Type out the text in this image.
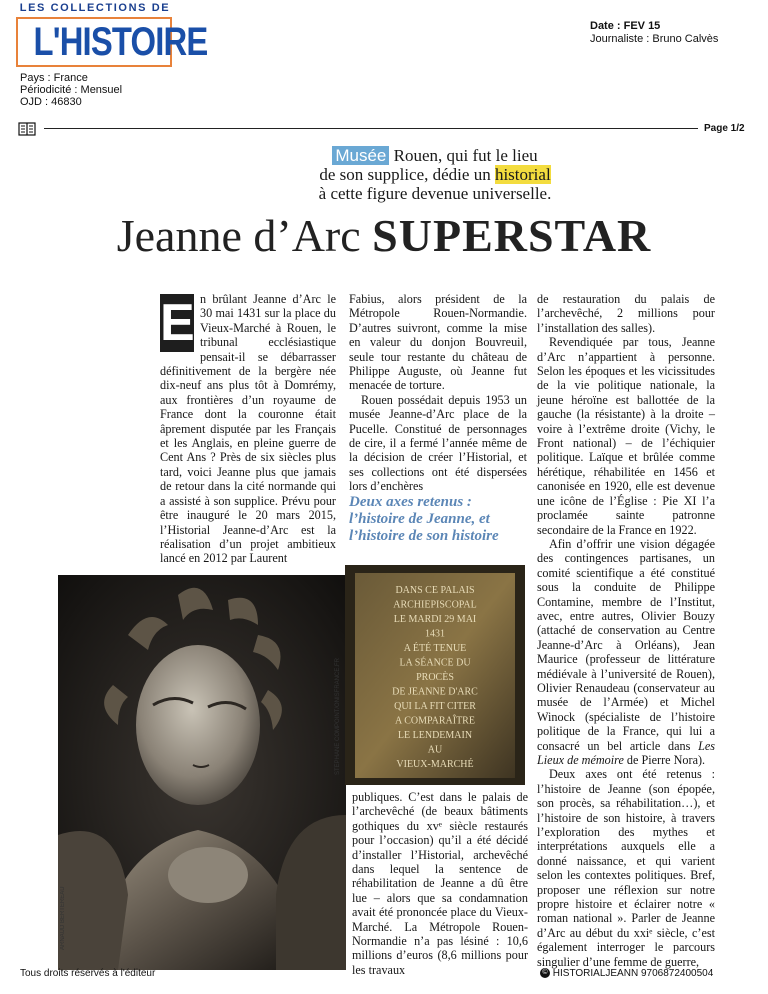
LES COLLECTIONS DE
L'HISTOIRE	Date : FEV 15
Journaliste : Bruno Calvès
Pays : France
Périodicité : Mensuel
OJD : 46830
Page 1/2
Musée Rouen, qui fut le lieu
de son supplice, dédie un historial
à cette figure devenue universelle.
Jeanne d’Arc SUPERSTAR
E n brûlant Jeanne d’Arc le 30 mai 1431 sur la place du Vieux-Marché à Rouen, le tribunal ecclésiastique pensait-il se débarrasser définitivement de la bergère née dix-neuf ans plus tôt à Domrémy, aux frontières d’un royaume de France dont la couronne était âprement disputée par les Français et les Anglais, en pleine guerre de Cent Ans ? Près de six siècles plus tard, voici Jeanne plus que jamais de retour dans la cité normande qui a assisté à son supplice. Prévu pour être inauguré le 20 mars 2015, l’Historial Jeanne-d’Arc est la réalisation d’un projet ambitieux lancé en 2012 par Laurent

Fabius, alors président de la Métropole Rouen-Normandie. D’autres suivront, comme la mise en valeur du donjon Bouvreuil, seule tour restante du château de Philippe Auguste, où Jeanne fut menacée de torture.

Rouen possédait depuis 1953 un musée Jeanne-d’Arc place de la Pucelle. Constitué de personnages de cire, il a fermé l’année même de la décision de créer l’Historial, et ses collections ont été dispersées lors d’enchères

Deux axes retenus : l’histoire de Jeanne, et l’histoire de son histoire
ARNAUD BERTEREAU
DANS CE PALAIS
ARCHIEPISCOPAL
LE MARDI 29 MAI
1431
A ÉTÉ TENUE
LA SÉANCE DU
PROCÈS
DE JEANNE D'ARC
QUI LA FIT CITER
A COMPARAÎTRE
LE LENDEMAIN
AU
VIEUX-MARCHÉ
STÉPHANE COMPOINT/ONISFRANCE.FR

publiques. C’est dans le palais de l’archevêché (de beaux bâtiments gothiques du xvᵉ siècle restaurés pour l’occasion) qu’il a été décidé d’installer l’Historial, archevêché dans lequel la sentence de réhabilitation de Jeanne a dû être lue – alors que sa condamnation avait été prononcée place du Vieux-Marché. La Métropole Rouen-Normandie n’a pas lésiné : 10,6 millions d’euros (8,6 millions pour les travaux

de restauration du palais de l’archevêché, 2 millions pour l’installation des salles).

Revendiquée par tous, Jeanne d’Arc n’appartient à personne. Selon les époques et les vicissitudes de la vie politique nationale, la jeune héroïne est ballottée de la gauche (la résistante) à la droite – voire à l’extrême droite (Vichy, le Front national) – de l’échiquier politique. Laïque et brûlée comme hérétique, réhabilitée en 1456 et canonisée en 1920, elle est devenue une icône de l’Église : Pie XI l’a proclamée sainte patronne secondaire de la France en 1922.

Afin d’offrir une vision dégagée des contingences partisanes, un comité scientifique a été constitué sous la conduite de Philippe Contamine, membre de l’Institut, avec, entre autres, Olivier Bouzy (attaché de conservation au Centre Jeanne-d’Arc à Orléans), Jean Maurice (professeur de littérature médiévale à l’université de Rouen), Olivier Renaudeau (conservateur au musée de l’Armée) et Michel Winock (spécialiste de l’histoire politique de la France, qui lui a consacré un bel article dans Les Lieux de mémoire de Pierre Nora).

Deux axes ont été retenus : l’histoire de Jeanne (son épopée, son procès, sa réhabilitation…), et l’histoire de son histoire, à travers l’exploration des mythes et interprétations auxquels elle a donné naissance, et qui varient selon les contextes politiques. Bref, proposer une réflexion sur notre propre histoire et éclairer notre « roman national ». Parler de Jeanne d’Arc au début du xxiᵉ siècle, c’est également interroger le parcours singulier d’une femme de guerre,

Tous droits réservés à l'éditeur	© HISTORIALJEANN 9706872400504
